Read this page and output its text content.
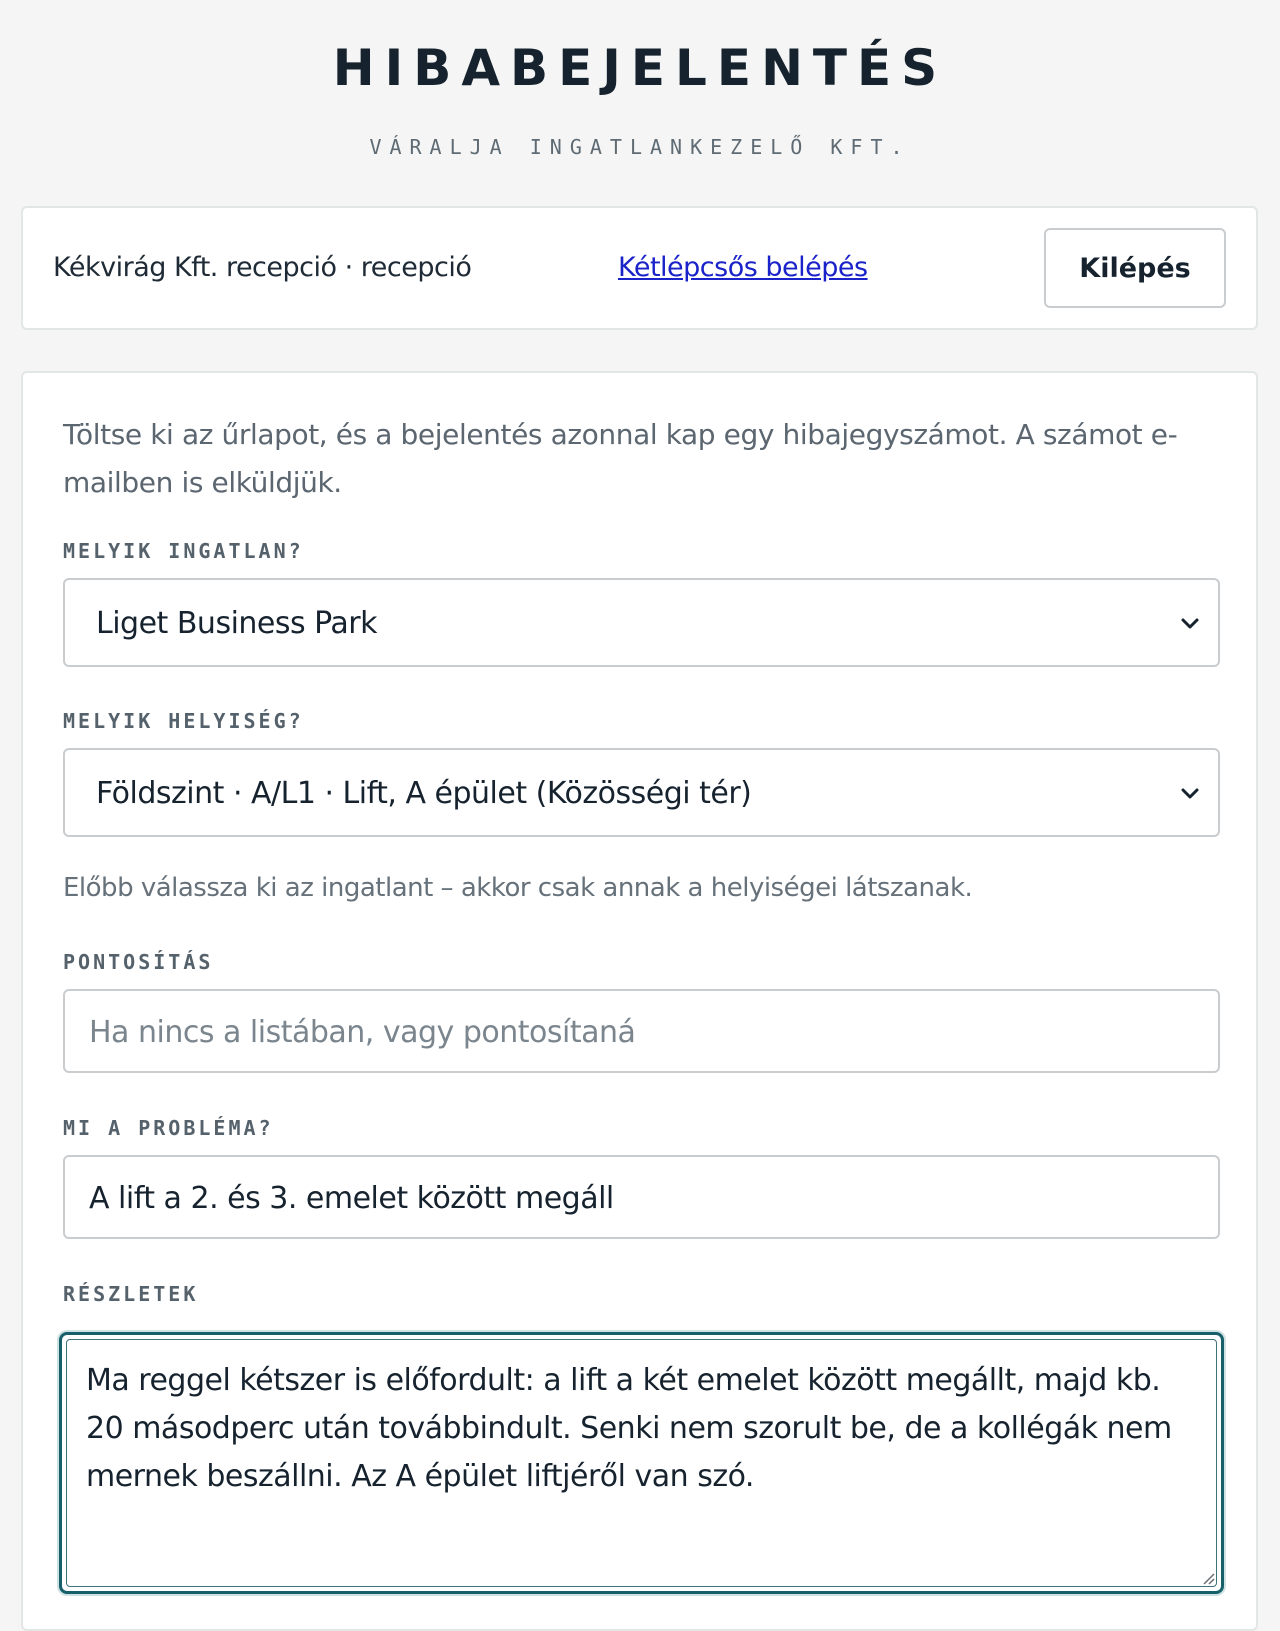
HIBABEJELENTÉS
VÁRALJA INGATLANKEZELŐ KFT.
Kékvirág Kft. recepció · recepció	Kétlépcsős belépés	Kilépés

Töltse ki az űrlapot, és a bejelentés azonnal kap egy hibajegyszámot. A számot e-mailben is elküldjük.

MELYIK INGATLAN?
Liget Business Park
MELYIK HELYISÉG?
Földszint · A/L1 · Lift, A épület (Közösségi tér)
Előbb válassza ki az ingatlant – akkor csak annak a helyiségei látszanak.
PONTOSÍTÁS
Ha nincs a listában, vagy pontosítaná
MI A PROBLÉMA?
A lift a 2. és 3. emelet között megáll
RÉSZLETEK
Ma reggel kétszer is előfordult: a lift a két emelet között megállt, majd kb. 20 másodperc után továbbindult. Senki nem szorult be, de a kollégák nem mernek beszállni. Az A épület liftjéről van szó.
